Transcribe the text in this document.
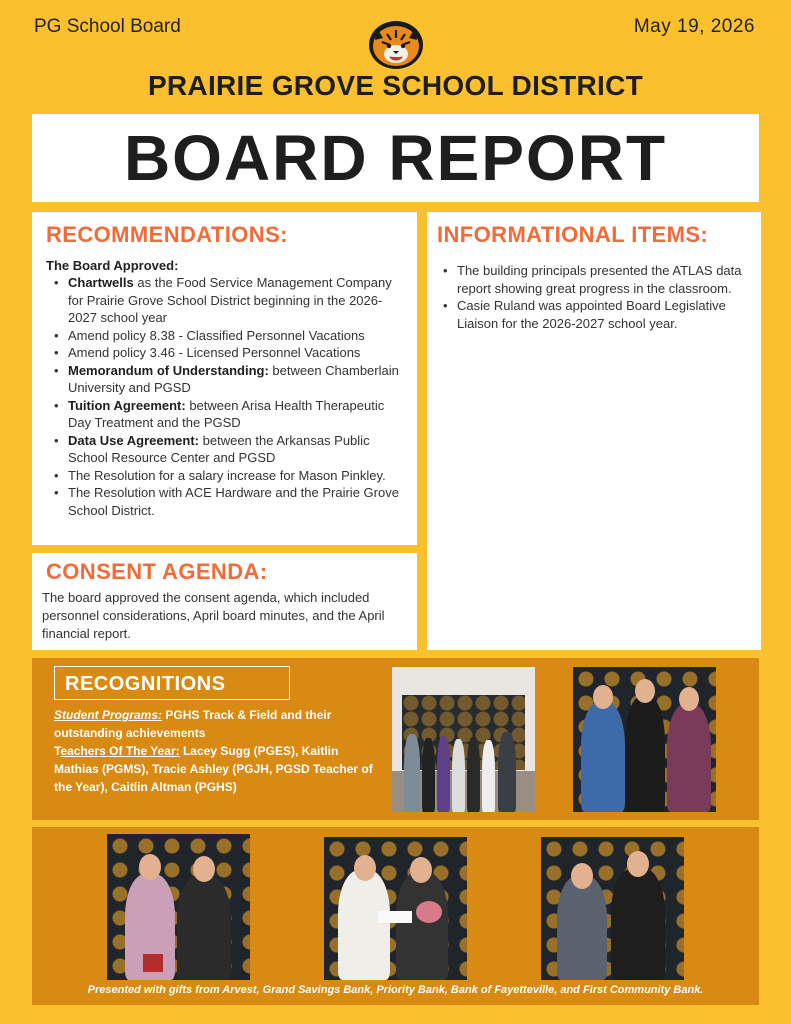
PG School Board	May 19, 2026
PRAIRIE GROVE SCHOOL DISTRICT
BOARD REPORT
RECOMMENDATIONS:
The Board Approved:
• Chartwells as the Food Service Management Company for Prairie Grove School District beginning in the 2026-2027 school year
• Amend policy 8.38 - Classified Personnel Vacations
• Amend policy 3.46 - Licensed Personnel Vacations
• Memorandum of Understanding: between Chamberlain University and PGSD
• Tuition Agreement: between Arisa Health Therapeutic Day Treatment and the PGSD
• Data Use Agreement: between the Arkansas Public School Resource Center and PGSD
• The Resolution for a salary increase for Mason Pinkley.
• The Resolution with ACE Hardware and the Prairie Grove School District.
CONSENT AGENDA:

The board approved the consent agenda, which included personnel considerations, April board minutes, and the April financial report.

INFORMATIONAL ITEMS:
• The building principals presented the ATLAS data report showing great progress in the classroom.
• Casie Ruland was appointed Board Legislative Liaison for the 2026-2027 school year.
RECOGNITIONS
Student Programs: PGHS Track & Field and their outstanding achievements
Teachers Of The Year: Lacey Sugg (PGES), Kaitlin Mathias (PGMS), Tracie Ashley (PGJH, PGSD Teacher of the Year), Caitlin Altman (PGHS)
Presented with gifts from Arvest, Grand Savings Bank, Priority Bank, Bank of Fayetteville, and First Community Bank.
